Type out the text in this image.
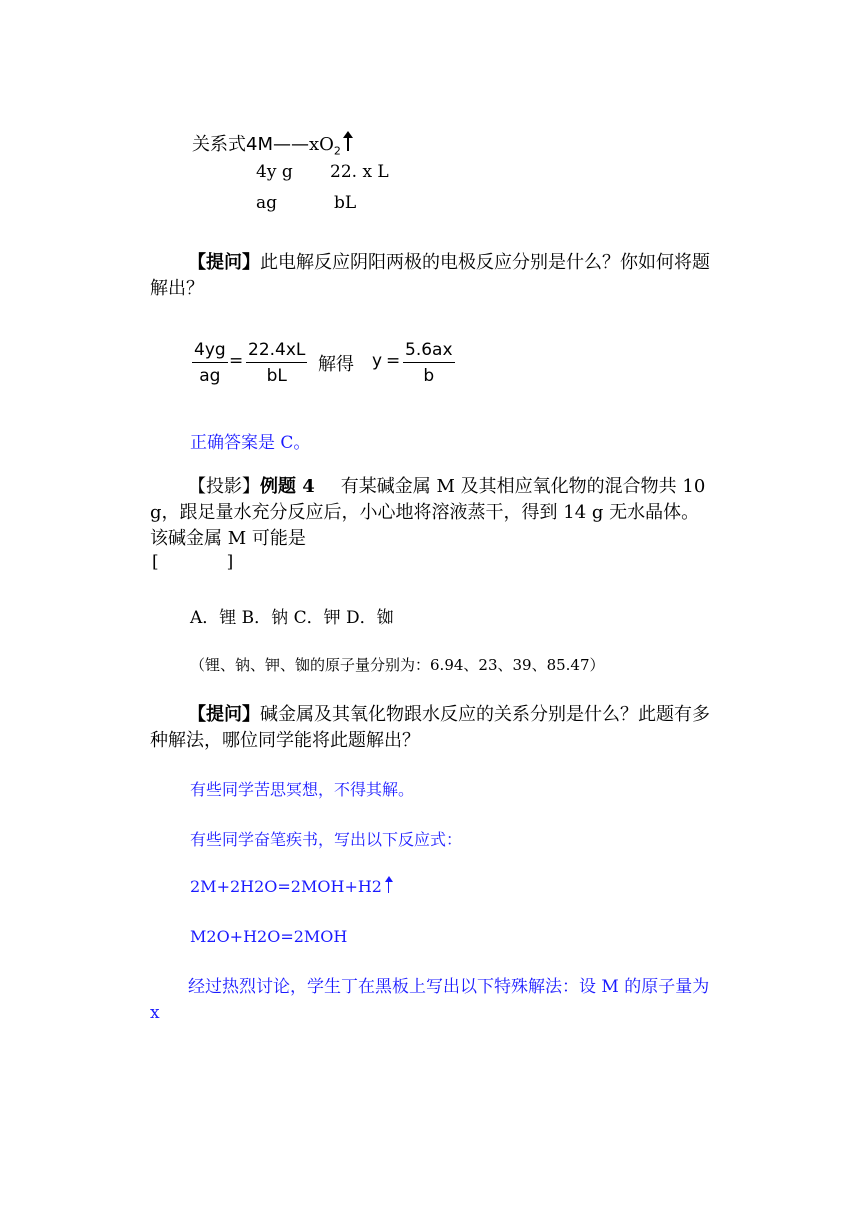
关系式$4M——xO_2$
4y g 22. x L
ag	bL
【提问】此电解反应阴阳两极的电极反应分别是什么？你如何将题解出？
$\frac{4yg}{ag} = \frac{22.4xL}{bL}$ 解得 $y = \frac{5.6ax}{b}$
正确答案是 C。
【投影】例题 4 有某碱金属 M 及其相应氧化物的混合物共 10 g，跟足量水充分反应后，小心地将溶液蒸干，得到 14 g 无水晶体。该碱金属 M 可能是
[	]
A．锂 B．钠 C．钾 D．铷
（锂、钠、钾、铷的原子量分别为：6.94、23、39、85.47）
【提问】碱金属及其氧化物跟水反应的关系分别是什么？此题有多种解法，哪位同学能将此题解出？
有些同学苦思冥想，不得其解。
有些同学奋笔疾书，写出以下反应式：
2M+2H2O=2MOH+H2
M2O+H2O=2MOH
经过热烈讨论，学生丁在黑板上写出以下特殊解法：设 M 的原子量为 x
